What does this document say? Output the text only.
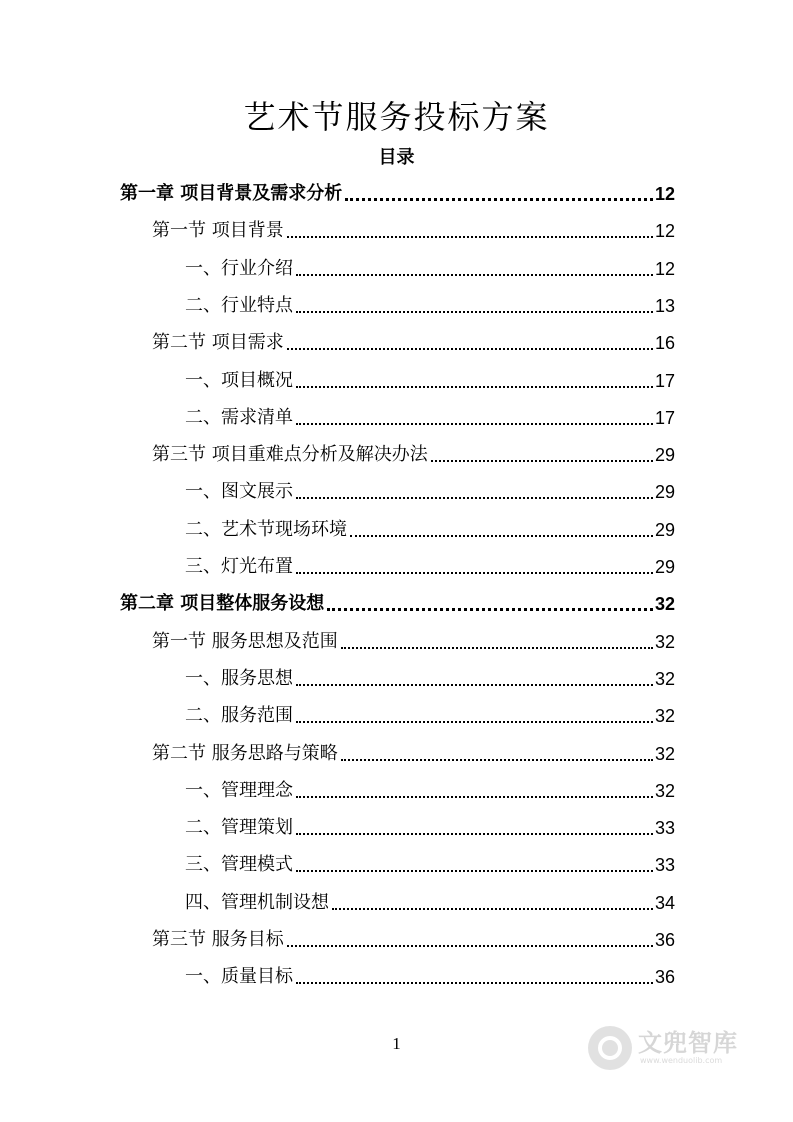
艺术节服务投标方案
目录
第一章 项目背景及需求分析	12
第一节 项目背景	12
一、行业介绍	12
二、行业特点	13
第二节 项目需求	16
一、项目概况	17
二、需求清单	17
第三节 项目重难点分析及解决办法	29
一、图文展示	29
二、艺术节现场环境	29
三、灯光布置	29
第二章 项目整体服务设想	32
第一节 服务思想及范围	32
一、服务思想	32
二、服务范围	32
第二节 服务思路与策略	32
一、管理理念	32
二、管理策划	33
三、管理模式	33
四、管理机制设想	34
第三节 服务目标	36
一、质量目标	36
1	文兜智库
www.wenduolib.com
